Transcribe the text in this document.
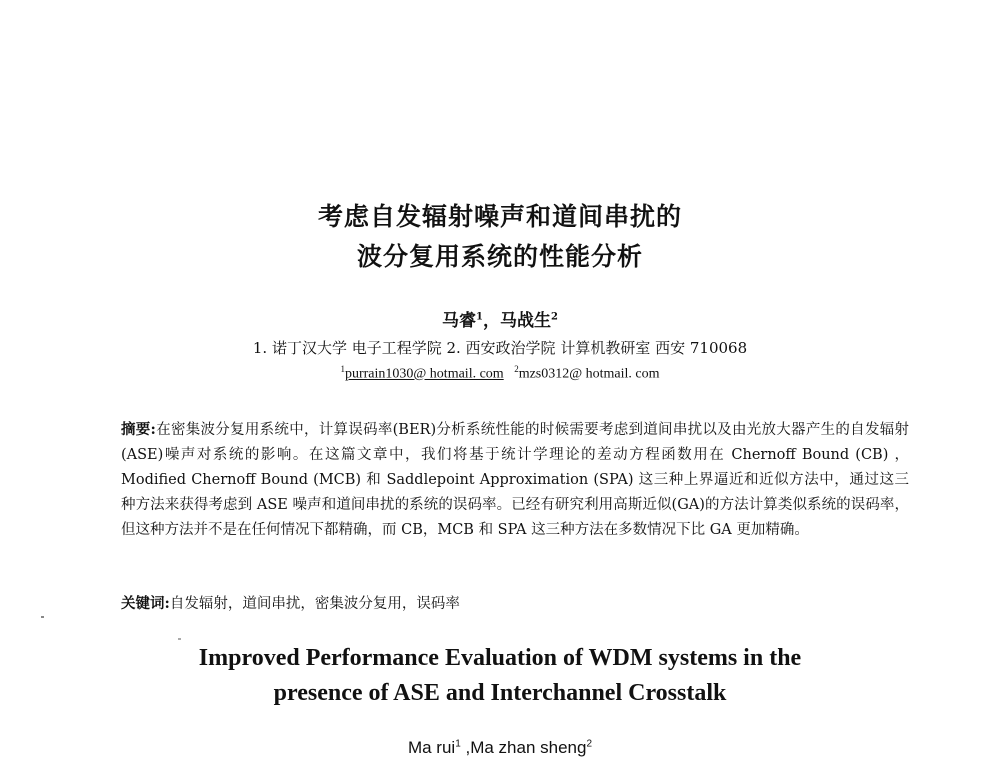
考虑自发辐射噪声和道间串扰的
波分复用系统的性能分析
马睿$^1$，马战生$^2$
1. 诺丁汉大学 电子工程学院 2. 西安政治学院 计算机教研室 西安 710068
$^1$purrain1030@ hotmail. com $^2$mzs0312@ hotmail. com
摘要:在密集波分复用系统中，计算误码率(BER)分析系统性能的时候需要考虑到道间串扰以及由光放大器产生的自发辐射(ASE)噪声对系统的影响。在这篇文章中，我们将基于统计学理论的差动方程函数用在 Chernoff Bound (CB) ，Modified Chernoff Bound (MCB) 和 Saddlepoint Approximation (SPA) 这三种上界逼近和近似方法中，通过这三种方法来获得考虑到 ASE 噪声和道间串扰的系统的误码率。已经有研究利用高斯近似(GA)的方法计算类似系统的误码率，但这种方法并不是在任何情况下都精确，而 CB，MCB 和 SPA 这三种方法在多数情况下比 GA 更加精确。
关键词:自发辐射，道间串扰，密集波分复用，误码率
Improved Performance Evaluation of WDM systems in the
presence of ASE and Interchannel Crosstalk
Ma rui$^1$ ,Ma zhan sheng$^2$
